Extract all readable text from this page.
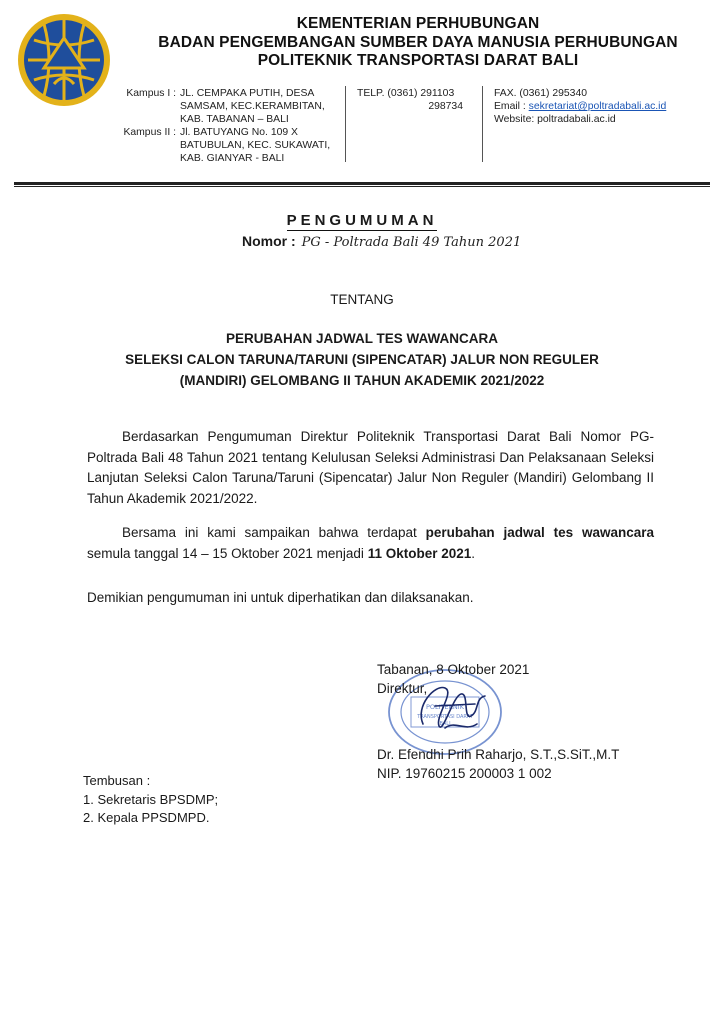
KEMENTERIAN PERHUBUNGAN
BADAN PENGEMBANGAN SUMBER DAYA MANUSIA PERHUBUNGAN
POLITEKNIK TRANSPORTASI DARAT BALI
Kampus I : JL. CEMPAKA PUTIH, DESA
SAMSAM, KEC.KERAMBITAN,
KAB. TABANAN – BALI
Kampus II : Jl. BATUYANG No. 109 X
BATUBULAN, KEC. SUKAWATI,
KAB. GIANYAR - BALI
TELP. (0361) 291103

298734
FAX. (0361) 295340
Email : sekretariat@poltradabali.ac.id
Website: poltradabali.ac.id
PENGUMUMAN
Nomor : PG - Poltrada Bali 49 Tahun 2021
TENTANG
PERUBAHAN JADWAL TES WAWANCARA
SELEKSI CALON TARUNA/TARUNI (SIPENCATAR) JALUR NON REGULER
(MANDIRI) GELOMBANG II TAHUN AKADEMIK 2021/2022
Berdasarkan Pengumuman Direktur Politeknik Transportasi Darat Bali Nomor PG-Poltrada Bali 48 Tahun 2021 tentang Kelulusan Seleksi Administrasi Dan Pelaksanaan Seleksi Lanjutan Seleksi Calon Taruna/Taruni (Sipencatar) Jalur Non Reguler (Mandiri) Gelombang II Tahun Akademik 2021/2022.
Bersama ini kami sampaikan bahwa terdapat perubahan jadwal tes wawancara semula tanggal 14 – 15 Oktober 2021 menjadi 11 Oktober 2021.
Demikian pengumuman ini untuk diperhatikan dan dilaksanakan.
POLITEKNIK
TRANSPORTASI DARAT
BALI
Tabanan, 8 Oktober 2021
Direktur,
Dr. Efendhi Prih Raharjo, S.T.,S.SiT.,M.T
NIP. 19760215 200003 1 002
Tembusan :
1. Sekretaris BPSDMP;
2. Kepala PPSDMPD.
